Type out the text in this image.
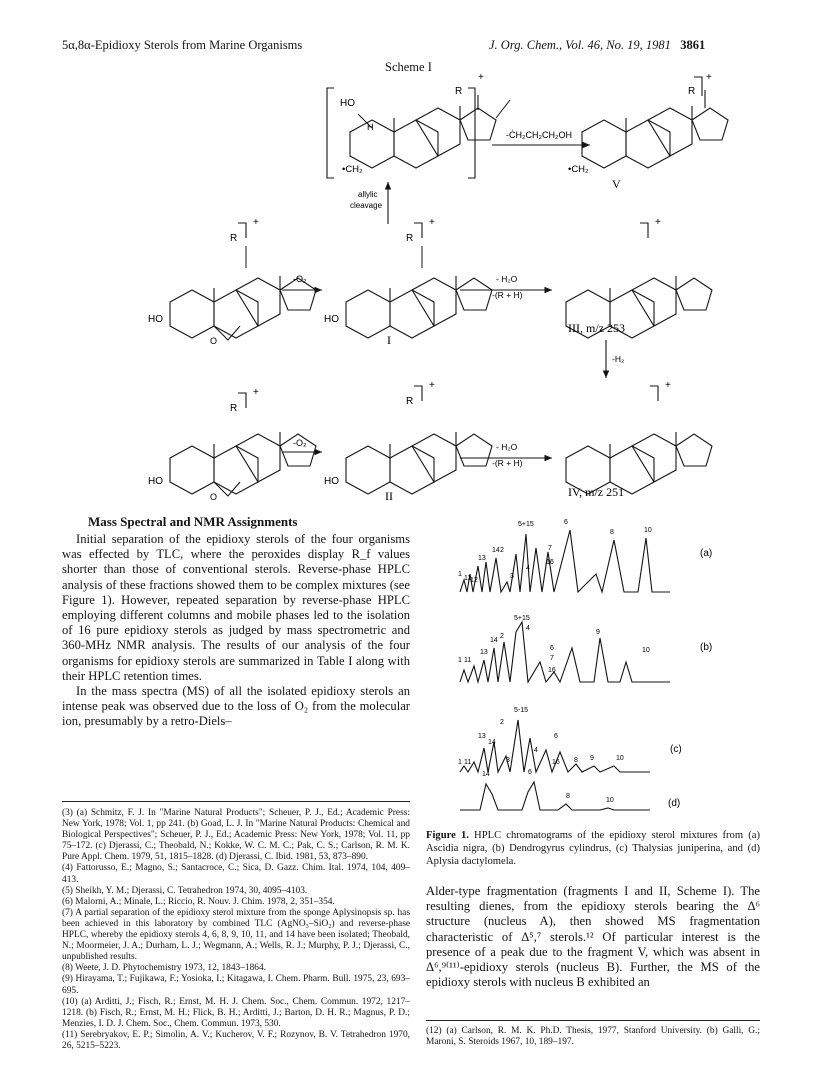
5α,8α-Epidioxy Sterols from Marine Organisms	J. Org. Chem., Vol. 46, No. 19, 1981 3861
Scheme I
HO
H
•CH₂
R
+
R
+
•CH₂
V
-ĊH₂CH₂CH₂OH
allylic
cleavage
R
+
HO
O
-O₂
R
+
HO
I
- H₂O
-(R + H)
+
III, m/z 253
-H₂
R
+
HO
O
-O₂
R
+
HO
II
- H₂O
-(R + H)
+
IV, m/z 251
Mass Spectral and NMR Assignments

Initial separation of the epidioxy sterols of the four organisms was effected by TLC, where the peroxides display R_f values shorter than those of conventional sterols. Reverse-phase HPLC analysis of these fractions showed them to be complex mixtures (see Figure 1). However, repeated separation by reverse-phase HPLC employing different columns and mobile phases led to the isolation of 16 pure epidioxy sterols as judged by mass spectrometric and 360-MHz NMR analysis. The results of our analysis of the four organisms for epidioxy sterols are summarized in Table I along with their HPLC retention times.

In the mass spectra (MS) of all the isolated epidioxy sterols an intense peak was observed due to the loss of O₂ from the molecular ion, presumably by a retro-Diels–

(3) (a) Schmitz, F. J. In "Marine Natural Products"; Scheuer, P. J., Ed.; Academic Press: New York, 1978; Vol. 1, pp 241. (b) Goad, L. J. In "Marine Natural Products: Chemical and Biological Perspectives"; Scheuer, P. J., Ed.; Academic Press: New York, 1978; Vol. 11, pp 75–172. (c) Djerassi, C.; Theobald, N.; Kokke, W. C. M. C.; Pak, C. S.; Carlson, R. M. K. Pure Appl. Chem. 1979, 51, 1815–1828. (d) Djerassi, C. Ibid. 1981, 53, 873–890.

(4) Fattorusso, E.; Magno, S.; Santacroce, C.; Sica, D. Gazz. Chim. Ital. 1974, 104, 409–413.

(5) Sheikh, Y. M.; Djerassi, C. Tetrahedron 1974, 30, 4095–4103.

(6) Malorni, A.; Minale, L.; Riccio, R. Nouv. J. Chim. 1978, 2, 351–354.

(7) A partial separation of the epidioxy sterol mixture from the sponge Aplysinopsis sp. has been achieved in this laboratory by combined TLC (AgNO₃–SiO₂) and reverse-phase HPLC, whereby the epidioxy sterols 4, 6, 8, 9, 10, 11, and 14 have been isolated; Theobald, N.; Moormeier, J. A.; Durham, L. J.; Wegmann, A.; Wells, R. J.; Murphy, P. J.; Djerassi, C., unpublished results.

(8) Weete, J. D. Phytochemistry 1973, 12, 1843–1864.

(9) Hirayama, T.; Fujikawa, F.; Yosioka, I.; Kitagawa, I. Chem. Pharm. Bull. 1975, 23, 693–695.

(10) (a) Arditti, J.; Fisch, R.; Ernst, M. H. J. Chem. Soc., Chem. Commun. 1972, 1217–1218. (b) Fisch, R.; Ernst, M. H.; Flick, B. H.; Arditti, J.; Barton, D. H. R.; Magnus, P. D.; Menzies, I. D. J. Chem. Soc., Chem. Commun. 1973, 530.

(11) Serebryakov, E. P.; Simolin, A. V.; Kucherov, V. F.; Rozynov, B. V. Tetrahedron 1970, 26, 5215–5223.

1
11
12
13
14 2
3
4
5+15
16
7
6
8	10
1 11
13
14
2
5+15
4
6
7
16
9
10
1 11
13
14
2
3
5-15
4
16
6
8 9	10
14	6
8
10
(a)
(b)
(c)
(d)
Figure 1. HPLC chromatograms of the epidioxy sterol mixtures from (a) Ascidia nigra, (b) Dendrogyrus cylindrus, (c) Thalysias juniperina, and (d) Aplysia dactylomela.

Alder-type fragmentation (fragments I and II, Scheme I). The resulting dienes, from the epidioxy sterols bearing the Δ⁶ structure (nucleus A), then showed MS fragmentation characteristic of Δ⁵,⁷ sterols.¹² Of particular interest is the presence of a peak due to the fragment V, which was absent in Δ⁶,⁹⁽¹¹⁾-epidioxy sterols (nucleus B). Further, the MS of the epidioxy sterols with nucleus B exhibited an

(12) (a) Carlson, R. M. K. Ph.D. Thesis, 1977, Stanford University. (b) Galli, G.; Maroni, S. Steroids 1967, 10, 189–197.
